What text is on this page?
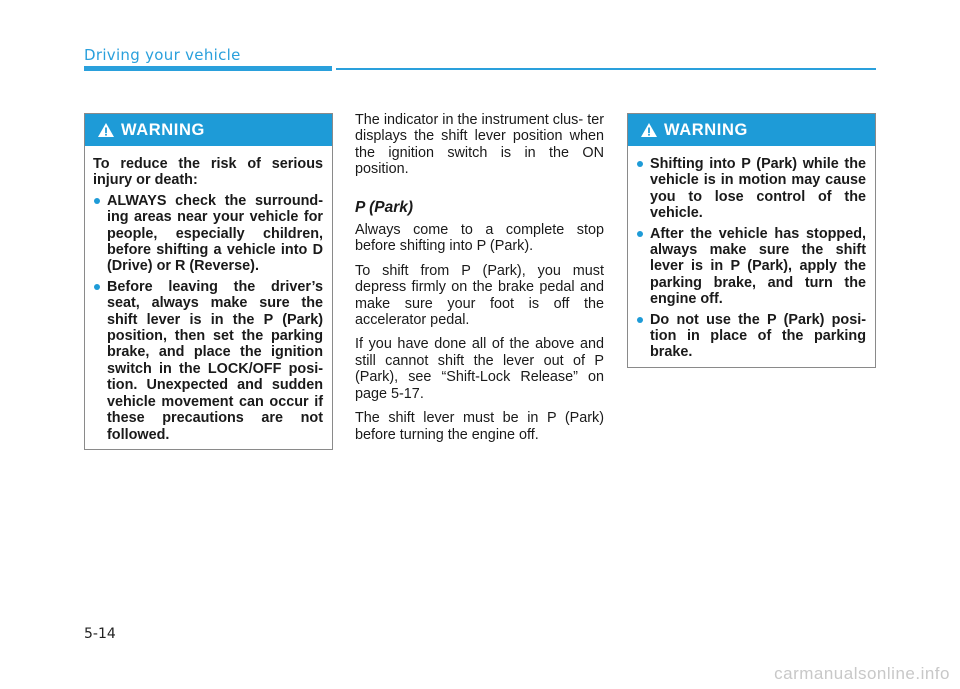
Driving your vehicle
WARNING

To reduce the risk of serious injury or death:

ALWAYS check the surround- ing areas near your vehicle for people, especially children, before shifting a vehicle into D (Drive) or R (Reverse).
Before leaving the driver’s seat, always make sure the shift lever is in the P (Park) position, then set the parking brake, and place the ignition switch in the LOCK/OFF posi- tion. Unexpected and sudden vehicle movement can occur if these precautions are not followed.

The indicator in the instrument clus- ter displays the shift lever position when the ignition switch is in the ON position.

P (Park)

Always come to a complete stop before shifting into P (Park).

To shift from P (Park), you must depress firmly on the brake pedal and make sure your foot is off the accelerator pedal.

If you have done all of the above and still cannot shift the lever out of P (Park), see “Shift-Lock Release” on page 5-17.

The shift lever must be in P (Park) before turning the engine off.

WARNING
Shifting into P (Park) while the vehicle is in motion may cause you to lose control of the vehicle.
After the vehicle has stopped, always make sure the shift lever is in P (Park), apply the parking brake, and turn the engine off.
Do not use the P (Park) posi- tion in place of the parking brake.
5-14
carmanualsonline.info
